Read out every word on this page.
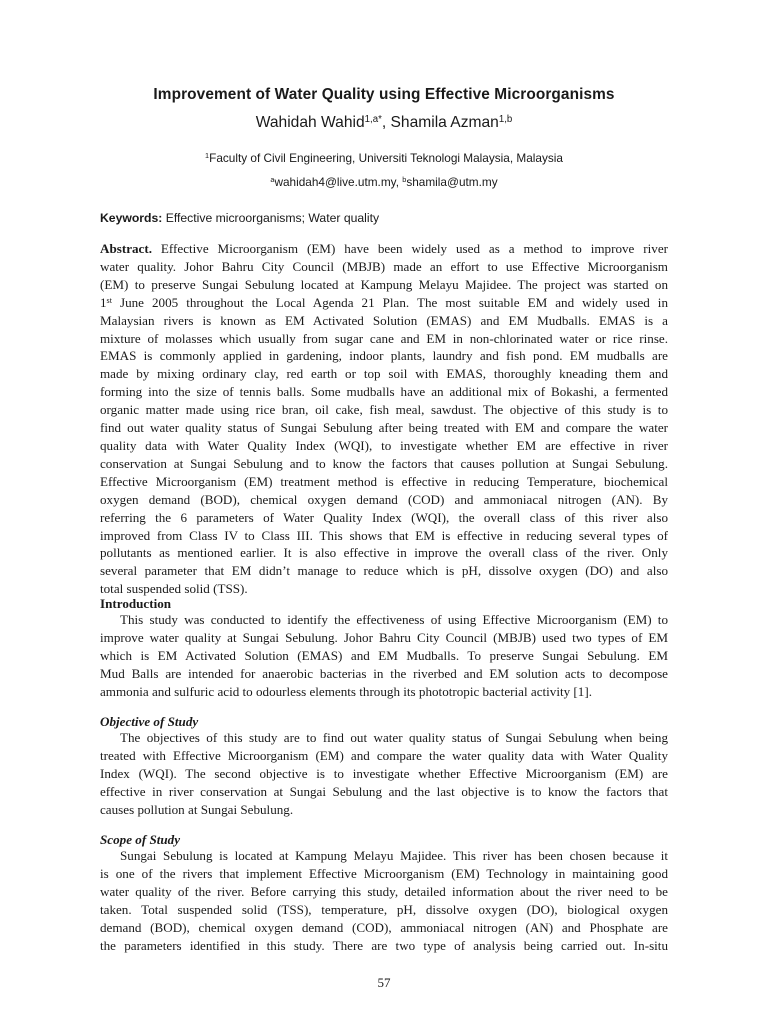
Improvement of Water Quality using Effective Microorganisms
Wahidah Wahid$^{1,a*}$, Shamila Azman$^{1,b}$
$^1$Faculty of Civil Engineering, Universiti Teknologi Malaysia, Malaysia
$^a$wahidah4@live.utm.my, $^b$shamila@utm.my
Keywords: Effective microorganisms; Water quality
Abstract. Effective Microorganism (EM) have been widely used as a method to improve river
water quality. Johor Bahru City Council (MBJB) made an effort to use Effective Microorganism
(EM) to preserve Sungai Sebulung located at Kampung Melayu Majidee. The project was started on
1st June 2005 throughout the Local Agenda 21 Plan. The most suitable EM and widely used in
Malaysian rivers is known as EM Activated Solution (EMAS) and EM Mudballs. EMAS is a
mixture of molasses which usually from sugar cane and EM in non-chlorinated water or rice rinse.
EMAS is commonly applied in gardening, indoor plants, laundry and fish pond. EM mudballs are
made by mixing ordinary clay, red earth or top soil with EMAS, thoroughly kneading them and
forming into the size of tennis balls. Some mudballs have an additional mix of Bokashi, a fermented
organic matter made using rice bran, oil cake, fish meal, sawdust. The objective of this study is to
find out water quality status of Sungai Sebulung after being treated with EM and compare the water
quality data with Water Quality Index (WQI), to investigate whether EM are effective in river
conservation at Sungai Sebulung and to know the factors that causes pollution at Sungai Sebulung.
Effective Microorganism (EM) treatment method is effective in reducing Temperature, biochemical
oxygen demand (BOD), chemical oxygen demand (COD) and ammoniacal nitrogen (AN). By
referring the 6 parameters of Water Quality Index (WQI), the overall class of this river also
improved from Class IV to Class III. This shows that EM is effective in reducing several types of
pollutants as mentioned earlier. It is also effective in improve the overall class of the river. Only
several parameter that EM didn’t manage to reduce which is pH, dissolve oxygen (DO) and also
total suspended solid (TSS).
Introduction
This study was conducted to identify the effectiveness of using Effective Microorganism (EM) to
improve water quality at Sungai Sebulung. Johor Bahru City Council (MBJB) used two types of EM
which is EM Activated Solution (EMAS) and EM Mudballs. To preserve Sungai Sebulung. EM
Mud Balls are intended for anaerobic bacterias in the riverbed and EM solution acts to decompose
ammonia and sulfuric acid to odourless elements through its phototropic bacterial activity [1].
Objective of Study
The objectives of this study are to find out water quality status of Sungai Sebulung when being
treated with Effective Microorganism (EM) and compare the water quality data with Water Quality
Index (WQI). The second objective is to investigate whether Effective Microorganism (EM) are
effective in river conservation at Sungai Sebulung and the last objective is to know the factors that
causes pollution at Sungai Sebulung.
Scope of Study
Sungai Sebulung is located at Kampung Melayu Majidee. This river has been chosen because it
is one of the rivers that implement Effective Microorganism (EM) Technology in maintaining good
water quality of the river. Before carrying this study, detailed information about the river need to be
taken. Total suspended solid (TSS), temperature, pH, dissolve oxygen (DO), biological oxygen
demand (BOD), chemical oxygen demand (COD), ammoniacal nitrogen (AN) and Phosphate are
the parameters identified in this study. There are two type of analysis being carried out. In-situ
57
